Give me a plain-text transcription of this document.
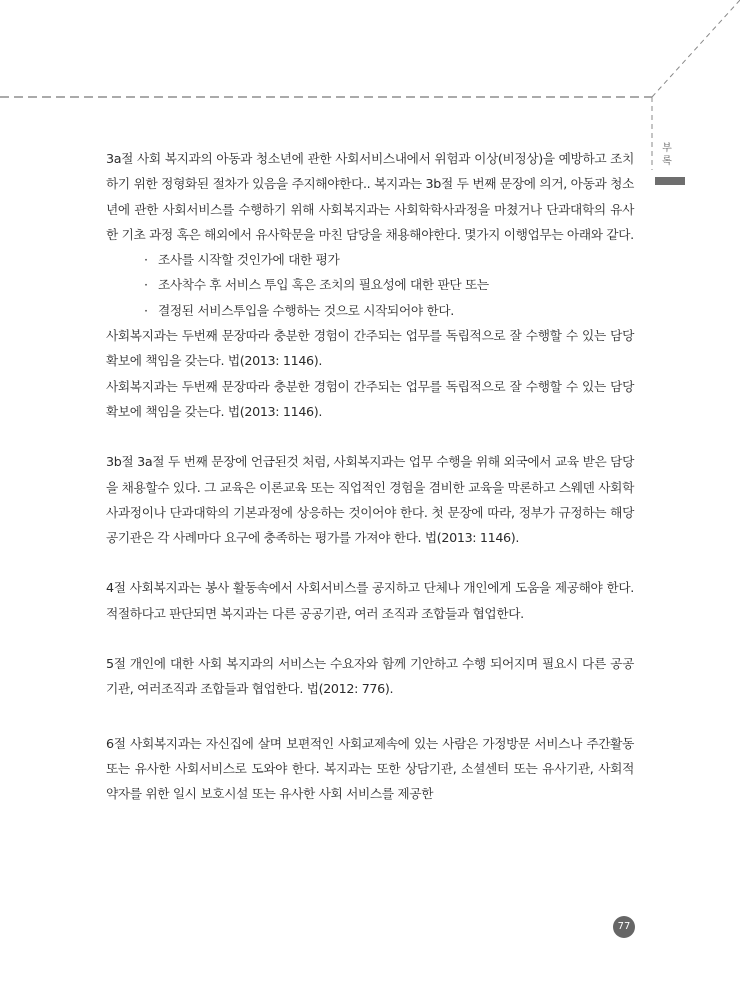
부
록

3a절 사회 복지과의 아동과 청소년에 관한 사회서비스내에서 위험과 이상(비정상)을 예방하고 조치하기 위한 정형화된 절차가 있음을 주지해야한다.. 복지과는 3b절 두 번째 문장에 의거, 아동과 청소년에 관한 사회서비스를 수행하기 위해 사회복지과는 사회학학사과정을 마쳤거나 단과대학의 유사한 기초 과정 혹은 해외에서 유사학문을 마친 담당을 채용해야한다. 몇가지 이행업무는 아래와 같다.

· 조사를 시작할 것인가에 대한 평가
· 조사착수 후 서비스 투입 혹은 조치의 필요성에 대한 판단 또는
· 결정된 서비스투입을 수행하는 것으로 시작되어야 한다.

사회복지과는 두번째 문장따라 충분한 경험이 간주되는 업무를 독립적으로 잘 수행할 수 있는 담당확보에 책임을 갖는다. 법(2013: 1146).

사회복지과는 두번째 문장따라 충분한 경험이 간주되는 업무를 독립적으로 잘 수행할 수 있는 담당확보에 책임을 갖는다. 법(2013: 1146).

3b절 3a절 두 번째 문장에 언급된것 처럼, 사회복지과는 업무 수행을 위해 외국에서 교육 받은 담당을 채용할수 있다. 그 교육은 이론교육 또는 직업적인 경험을 겸비한 교육을 막론하고 스웨덴 사회학사과정이나 단과대학의 기본과정에 상응하는 것이어야 한다. 첫 문장에 따라, 정부가 규정하는 해당 공기관은 각 사례마다 요구에 충족하는 평가를 가져야 한다. 법(2013: 1146).

4절 사회복지과는 봉사 활동속에서 사회서비스를 공지하고 단체나 개인에게 도움을 제공해야 한다.적절하다고 판단되면 복지과는 다른 공공기관, 여러 조직과 조합들과 협업한다.

5절 개인에 대한 사회 복지과의 서비스는 수요자와 함께 기안하고 수행 되어지며 필요시 다른 공공기관, 여러조직과 조합들과 협업한다. 법(2012: 776).

6절 사회복지과는 자신집에 살며 보편적인 사회교제속에 있는 사람은 가정방문 서비스나 주간활동 또는 유사한 사회서비스로 도와야 한다. 복지과는 또한 상담기관, 소셜센터 또는 유사기관, 사회적 약자를 위한 일시 보호시설 또는 유사한 사회 서비스를 제공한

77
